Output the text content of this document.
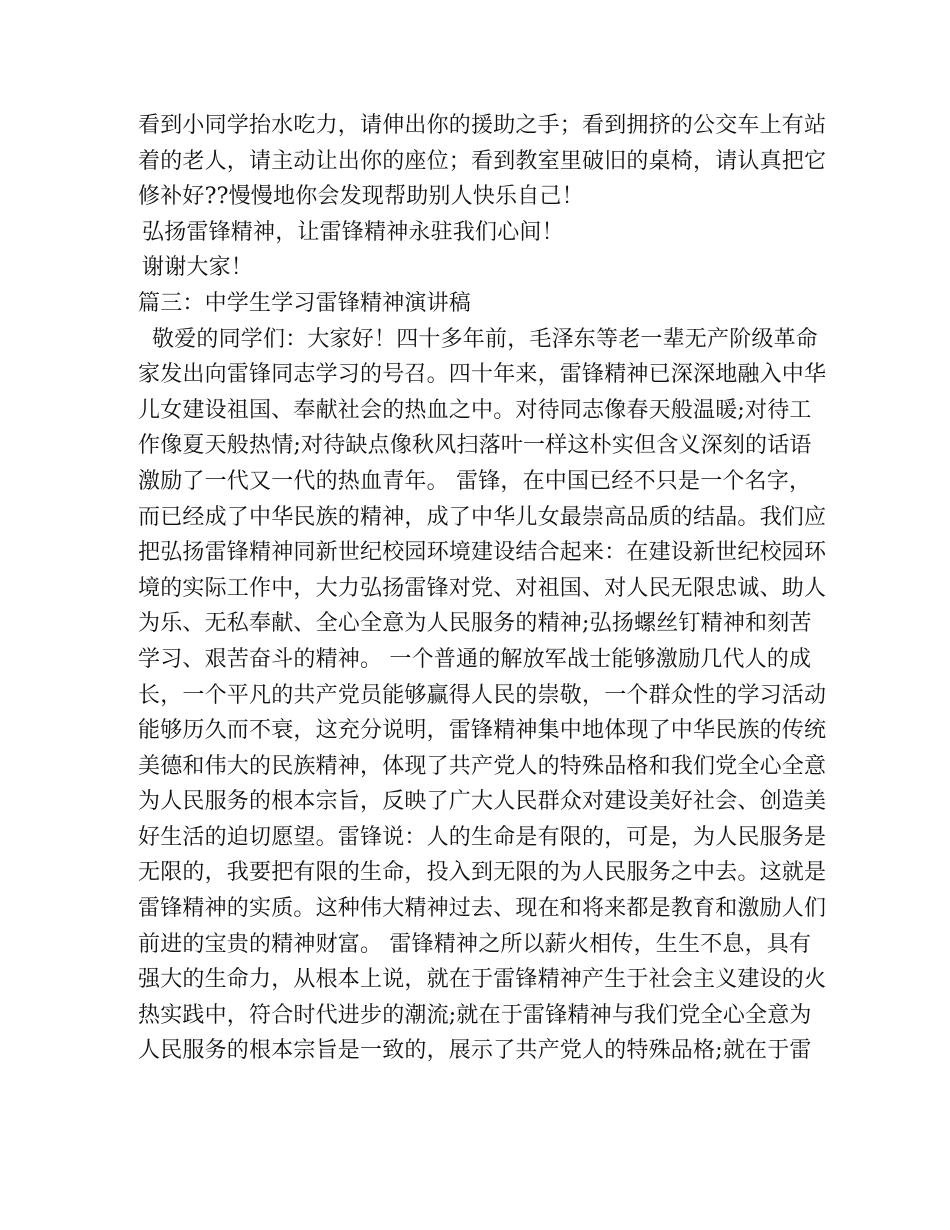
看到小同学抬水吃力，请伸出你的援助之手；看到拥挤的公交车上有站
着的老人，请主动让出你的座位；看到教室里破旧的桌椅，请认真把它
修补好??慢慢地你会发现帮助别人快乐自己！
弘扬雷锋精神，让雷锋精神永驻我们心间！
谢谢大家！
篇三：中学生学习雷锋精神演讲稿
敬爱的同学们：大家好！四十多年前，毛泽东等老一辈无产阶级革命
家发出向雷锋同志学习的号召。四十年来，雷锋精神已深深地融入中华
儿女建设祖国、奉献社会的热血之中。对待同志像春天般温暖;对待工
作像夏天般热情;对待缺点像秋风扫落叶一样这朴实但含义深刻的话语
激励了一代又一代的热血青年。 雷锋，在中国已经不只是一个名字，
而已经成了中华民族的精神，成了中华儿女最崇高品质的结晶。我们应
把弘扬雷锋精神同新世纪校园环境建设结合起来：在建设新世纪校园环
境的实际工作中，大力弘扬雷锋对党、对祖国、对人民无限忠诚、助人
为乐、无私奉献、全心全意为人民服务的精神;弘扬螺丝钉精神和刻苦
学习、艰苦奋斗的精神。 一个普通的解放军战士能够激励几代人的成
长，一个平凡的共产党员能够赢得人民的崇敬，一个群众性的学习活动
能够历久而不衰，这充分说明，雷锋精神集中地体现了中华民族的传统
美德和伟大的民族精神，体现了共产党人的特殊品格和我们党全心全意
为人民服务的根本宗旨，反映了广大人民群众对建设美好社会、创造美
好生活的迫切愿望。雷锋说：人的生命是有限的，可是，为人民服务是
无限的，我要把有限的生命，投入到无限的为人民服务之中去。这就是
雷锋精神的实质。这种伟大精神过去、现在和将来都是教育和激励人们
前进的宝贵的精神财富。 雷锋精神之所以薪火相传，生生不息，具有
强大的生命力，从根本上说，就在于雷锋精神产生于社会主义建设的火
热实践中，符合时代进步的潮流;就在于雷锋精神与我们党全心全意为
人民服务的根本宗旨是一致的，展示了共产党人的特殊品格;就在于雷
